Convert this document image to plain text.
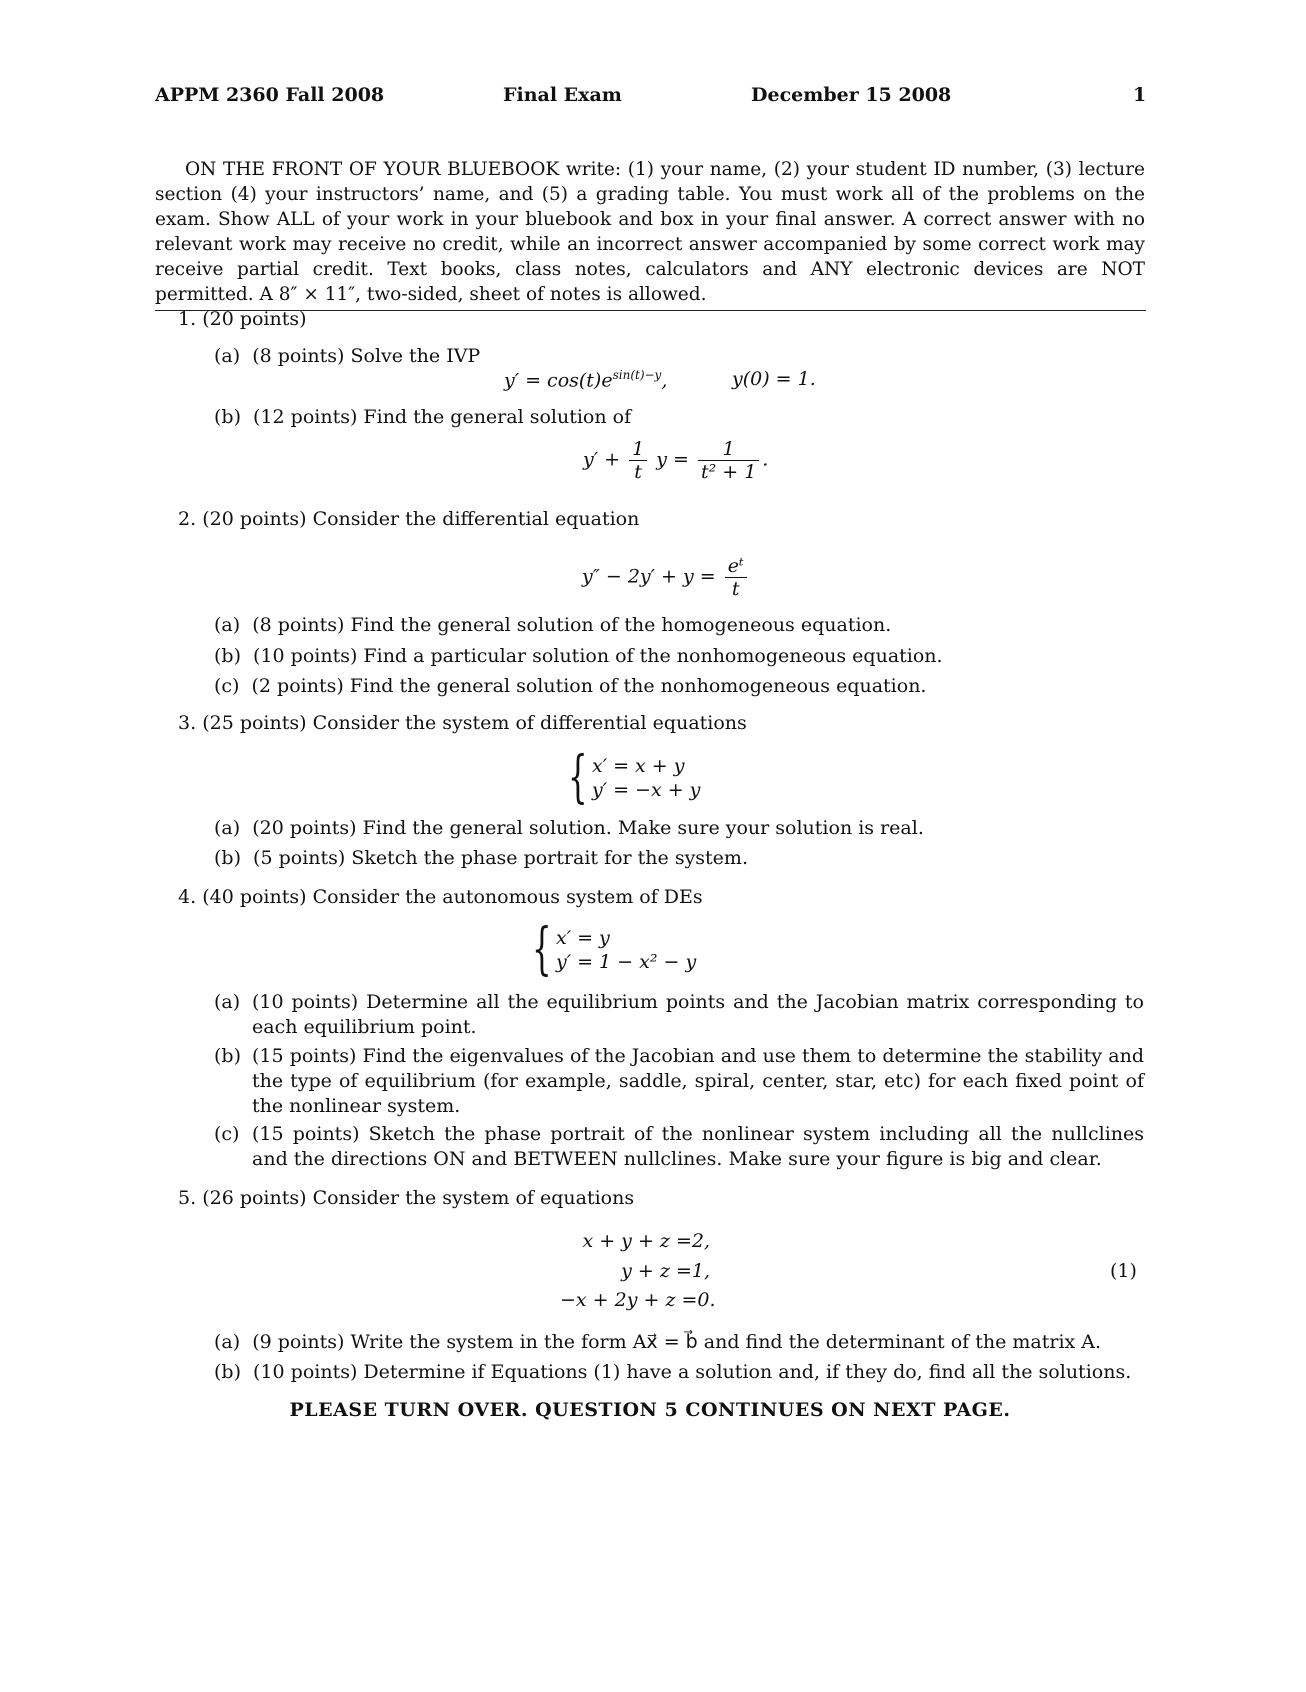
APPM 2360 Fall 2008	Final Exam	December 15 2008	1

ON THE FRONT OF YOUR BLUEBOOK write: (1) your name, (2) your student ID number, (3) lecture section (4) your instructors’ name, and (5) a grading table. You must work all of the problems on the exam. Show ALL of your work in your bluebook and box in your final answer. A correct answer with no relevant work may receive no credit, while an incorrect answer accompanied by some correct work may receive partial credit. Text books, class notes, calculators and ANY electronic devices are NOT permitted. A 8″ × 11″, two-sided, sheet of notes is allowed.

1. (20 points)
(a) (8 points) Solve the IVP
$y' = \cos(t)e^{sin(t)-y}$,	y(0) = 1.
(b) (12 points) Find the general solution of
$y' + \frac{1}{t}$ $y = \frac{1}{\text{t² + 1}}$ .
2. (20 points) Consider the differential equation
$y'' - 2y' + y = \frac{\text{eᵗ}}{t}$
(a) (8 points) Find the general solution of the homogeneous equation.
(b) (10 points) Find a particular solution of the nonhomogeneous equation.
(c) (2 points) Find the general solution of the nonhomogeneous equation.
3. (25 points) Consider the system of differential equations
{ x′ = x + y
y′ = −x + y
(a) (20 points) Find the general solution. Make sure your solution is real.
(b) (5 points) Sketch the phase portrait for the system.
4. (40 points) Consider the autonomous system of DEs
{ x′ = y
y′ = 1 − x² − y
(a) (10 points) Determine all the equilibrium points and the Jacobian matrix corresponding to each equilibrium point.
(b) (15 points) Find the eigenvalues of the Jacobian and use them to determine the stability and the type of equilibrium (for example, saddle, spiral, center, star, etc) for each fixed point of the nonlinear system.
(c) (15 points) Sketch the phase portrait of the nonlinear system including all the nullclines and the directions ON and BETWEEN nullclines. Make sure your figure is big and clear.
5. (26 points) Consider the system of equations
x + y + z =2,
y + z =1,
−x + 2y + z =0.
(1)
(a) (9 points) Write the system in the form Ax⃗ = b⃗ and find the determinant of the matrix A.
(b) (10 points) Determine if Equations (1) have a solution and, if they do, find all the solutions.
PLEASE TURN OVER. QUESTION 5 CONTINUES ON NEXT PAGE.
